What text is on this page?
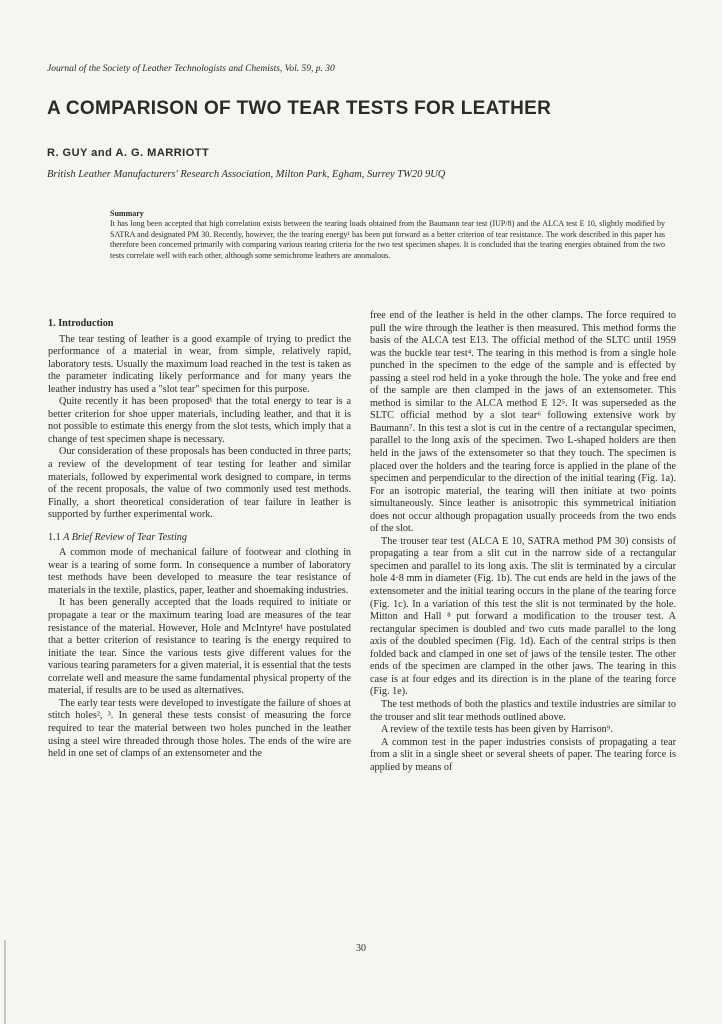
Journal of the Society of Leather Technologists and Chemists, Vol. 59, p. 30
A COMPARISON OF TWO TEAR TESTS FOR LEATHER
R. GUY and A. G. MARRIOTT
British Leather Manufacturers' Research Association, Milton Park, Egham, Surrey TW20 9UQ
Summary
It has long been accepted that high correlation exists between the tearing loads obtained from the Baumann tear test (IUP/8) and the ALCA test E 10, slightly modified by SATRA and designated PM 30. Recently, however, the the tearing energy¹ has been put forward as a better criterion of tear resistance. The work described in this paper has therefore been concerned primarily with comparing various tearing criteria for the two test specimen shapes. It is concluded that the tearing energies obtained from the two tests correlate well with each other, although some semichrome leathers are anomalous.
1. Introduction

The tear testing of leather is a good example of trying to predict the performance of a material in wear, from simple, relatively rapid, laboratory tests. Usually the maximum load reached in the test is taken as the parameter indicating likely performance and for many years the leather industry has used a "slot tear" specimen for this purpose.

Quite recently it has been proposed¹ that the total energy to tear is a better criterion for shoe upper materials, including leather, and that it is not possible to estimate this energy from the slot tests, which imply that a change of test specimen shape is necessary.

Our consideration of these proposals has been conducted in three parts; a review of the development of tear testing for leather and similar materials, followed by experimental work designed to compare, in terms of the recent proposals, the value of two commonly used test methods. Finally, a short theoretical consideration of tear failure in leather is supported by further experimental work.

1.1 A Brief Review of Tear Testing

A common mode of mechanical failure of footwear and clothing in wear is a tearing of some form. In consequence a number of laboratory test methods have been developed to measure the tear resistance of materials in the textile, plastics, paper, leather and shoemaking industries.

It has been generally accepted that the loads required to initiate or propagate a tear or the maximum tearing load are measures of the tear resistance of the material. However, Hole and McIntyre¹ have postulated that a better criterion of resistance to tearing is the energy required to initiate the tear. Since the various tests give different values for the various tearing parameters for a given material, it is essential that the tests correlate well and measure the same fundamental physical property of the material, if results are to be used as alternatives.

The early tear tests were developed to investigate the failure of shoes at stitch holes², ³. In general these tests consist of measuring the force required to tear the material between two holes punched in the leather using a steel wire threaded through those holes. The ends of the wire are held in one set of clamps of an extensometer and the

free end of the leather is held in the other clamps. The force required to pull the wire through the leather is then measured. This method forms the basis of the ALCA test E13. The official method of the SLTC until 1959 was the buckle tear test⁴. The tearing in this method is from a single hole punched in the specimen to the edge of the sample and is effected by passing a steel rod held in a yoke through the hole. The yoke and free end of the sample are then clamped in the jaws of an extensometer. This method is similar to the ALCA method E 12⁵. It was superseded as the SLTC official method by a slot tear⁶ following extensive work by Baumann⁷. In this test a slot is cut in the centre of a rectangular specimen, parallel to the long axis of the specimen. Two L-shaped holders are then held in the jaws of the extensometer so that they touch. The specimen is placed over the holders and the tearing force is applied in the plane of the specimen and perpendicular to the direction of the initial tearing (Fig. 1a). For an isotropic material, the tearing will then initiate at two points simultaneously. Since leather is anisotropic this symmetrical initiation does not occur although propagation usually proceeds from the two ends of the slot.

The trouser tear test (ALCA E 10, SATRA method PM 30) consists of propagating a tear from a slit cut in the narrow side of a rectangular specimen and parallel to its long axis. The slit is terminated by a circular hole 4·8 mm in diameter (Fig. 1b). The cut ends are held in the jaws of the extensometer and the initial tearing occurs in the plane of the tearing force (Fig. 1c). In a variation of this test the slit is not terminated by the hole. Mitton and Hall ⁸ put forward a modification to the trouser test. A rectangular specimen is doubled and two cuts made parallel to the long axis of the doubled specimen (Fig. 1d). Each of the central strips is then folded back and clamped in one set of jaws of the tensile tester. The other ends of the specimen are clamped in the other jaws. The tearing in this case is at four edges and its direction is in the plane of the tearing force (Fig. 1e).

The test methods of both the plastics and textile industries are similar to the trouser and slit tear methods outlined above.

A review of the textile tests has been given by Harrison⁹.

A common test in the paper industries consists of propagating a tear from a slit in a single sheet or several sheets of paper. The tearing force is applied by means of

30
